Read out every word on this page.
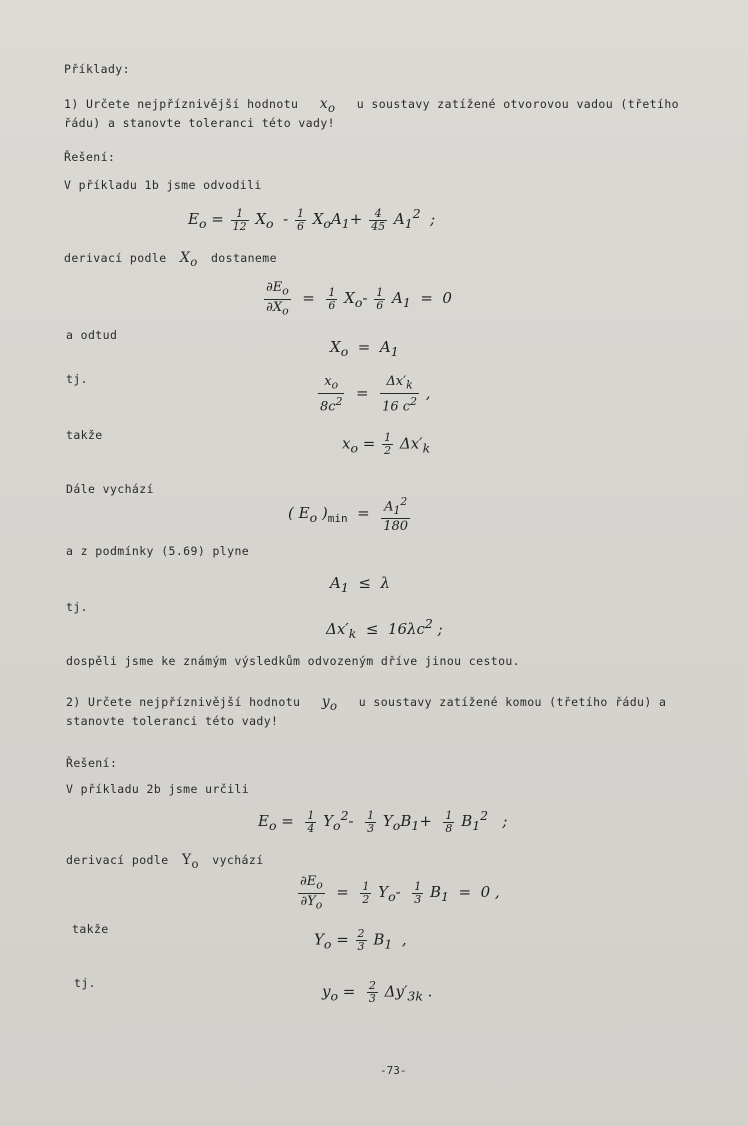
Příklady:
1) Určete nejpříznivější hodnotu $x_o$ u soustavy zatížené otvorovou vadou (třetího
řádu) a stanovte toleranci této vady!
Řešení:
V příkladu 1b jsme odvodili
$E_o = \frac{1}{12} X_o - \frac{1}{6} X_oA_1+ \frac{4}{45} A_1^2$  ;
derivací podle $X_o$ dostaneme
$\frac{\partial E_o}{\partial X_o} = \frac{1}{6} X_o- \frac{1}{6} A_1 = 0$
a odtud
$X_o = A_1$
tj.	$\frac{x_o}{8c^2} = \frac{\Delta x'_k}{16 c^2}$ ,
takže	$x_o = \frac{1}{2} \Delta x'_k$
Dále vychází
( $E_o$ )$_{min} = \frac{A_1^2}{180}$
a z podmínky (5.69) plyne
$A_1 \le \lambda$
tj.
$\Delta x'_k \le 16\lambda c^2$ ;
dospěli jsme ke známým výsledkům odvozeným dříve jinou cestou.
2) Určete nejpříznivější hodnotu $y_o$ u soustavy zatížené komou (třetího řádu) a
stanovte toleranci této vady!
Řešení:
V příkladu 2b jsme určili
$E_o = \frac{1}{4} Y_o^2- \frac{1}{3} Y_oB_1+ \frac{1}{8} B_1^2$   ;
derivací podle $Y_o$ vychází
$\frac{\partial E_o}{\partial Y_o} = \frac{1}{2} Y_o- \frac{1}{3} B_1 = 0$ ,
takže
$Y_o = \frac{2}{3} B_1$  ,
tj.	$y_o = \frac{2}{3} \Delta y'_{3k}$ .
-73-
